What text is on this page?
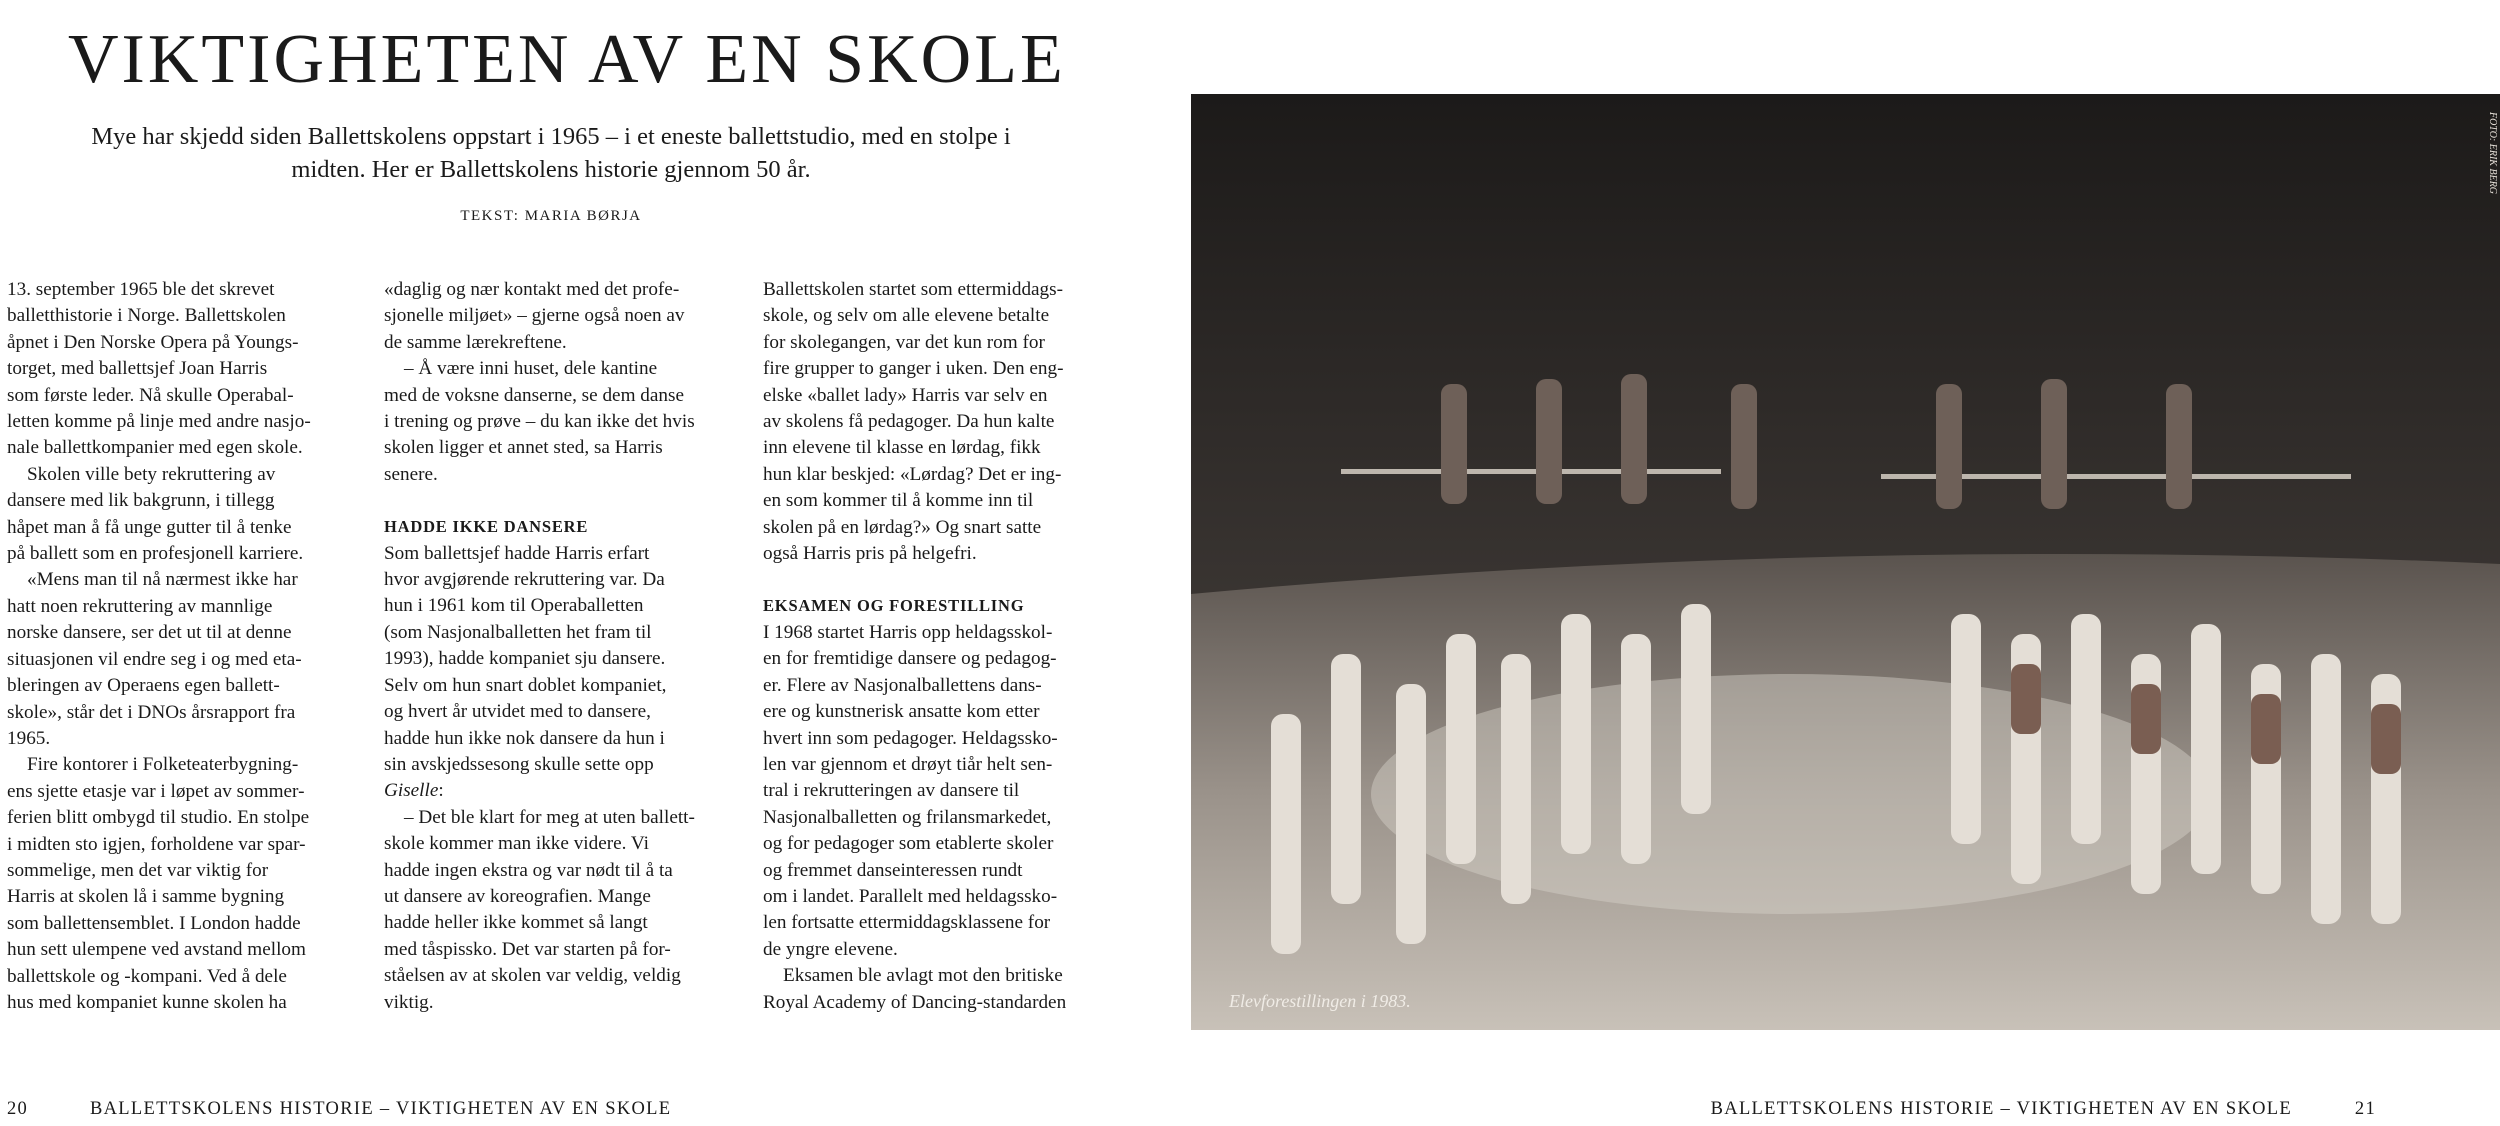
VIKTIGHETEN AV EN SKOLE

Mye har skjedd siden Ballettskolens oppstart i 1965 – i et eneste ballettstudio, med en stolpe i midten. Her er Ballettskolens historie gjennom 50 år.

TEKST: MARIA BØRJA

13. september 1965 ble det skrevet

balletthistorie i Norge. Ballettskolen

åpnet i Den Norske Opera på Youngs-

torget, med ballettsjef Joan Harris

som første leder. Nå skulle Operabal-

letten komme på linje med andre nasjo-

nale ballettkompanier med egen skole.

Skolen ville bety rekruttering av

dansere med lik bakgrunn, i tillegg

håpet man å få unge gutter til å tenke

på ballett som en profesjonell karriere.

«Mens man til nå nærmest ikke har

hatt noen rekruttering av mannlige

norske dansere, ser det ut til at denne

situasjonen vil endre seg i og med eta-

bleringen av Operaens egen ballett-

skole», står det i DNOs årsrapport fra

1965.

Fire kontorer i Folketeaterbygning-

ens sjette etasje var i løpet av sommer-

ferien blitt ombygd til studio. En stolpe

i midten sto igjen, forholdene var spar-

sommelige, men det var viktig for

Harris at skolen lå i samme bygning

som ballettensemblet. I London hadde

hun sett ulempene ved avstand mellom

ballettskole og -kompani. Ved å dele

hus med kompaniet kunne skolen ha

«daglig og nær kontakt med det profe-

sjonelle miljøet» – gjerne også noen av

de samme lærekreftene.

– Å være inni huset, dele kantine

med de voksne danserne, se dem danse

i trening og prøve – du kan ikke det hvis

skolen ligger et annet sted, sa Harris

senere.

HADDE IKKE DANSERE

Som ballettsjef hadde Harris erfart

hvor avgjørende rekruttering var. Da

hun i 1961 kom til Operaballetten

(som Nasjonalballetten het fram til

1993), hadde kompaniet sju dansere.

Selv om hun snart doblet kompaniet,

og hvert år utvidet med to dansere,

hadde hun ikke nok dansere da hun i

sin avskjedssesong skulle sette opp

Giselle:

– Det ble klart for meg at uten ballett-

skole kommer man ikke videre. Vi

hadde ingen ekstra og var nødt til å ta

ut dansere av koreografien. Mange

hadde heller ikke kommet så langt

med tåspissko. Det var starten på for-

ståelsen av at skolen var veldig, veldig

viktig.

Ballettskolen startet som ettermiddags-

skole, og selv om alle elevene betalte

for skolegangen, var det kun rom for

fire grupper to ganger i uken. Den eng-

elske «ballet lady» Harris var selv en

av skolens få pedagoger. Da hun kalte

inn elevene til klasse en lørdag, fikk

hun klar beskjed: «Lørdag? Det er ing-

en som kommer til å komme inn til

skolen på en lørdag?» Og snart satte

også Harris pris på helgefri.

EKSAMEN OG FORESTILLING

I 1968 startet Harris opp heldagsskol-

en for fremtidige dansere og pedagog-

er. Flere av Nasjonalballettens dans-

ere og kunstnerisk ansatte kom etter

hvert inn som pedagoger. Heldagssko-

len var gjennom et drøyt tiår helt sen-

tral i rekrutteringen av dansere til

Nasjonalballetten og frilansmarkedet,

og for pedagoger som etablerte skoler

og fremmet danseinteressen rundt

om i landet. Parallelt med heldagssko-

len fortsatte ettermiddagsklassene for

de yngre elevene.

Eksamen ble avlagt mot den britiske

Royal Academy of Dancing-standarden	Elevforestillingen i 1983.
FOTO: ERIK BERG
20	BALLETTSKOLENS HISTORIE – VIKTIGHETEN AV EN SKOLE	BALLETTSKOLENS HISTORIE – VIKTIGHETEN AV EN SKOLE	21
